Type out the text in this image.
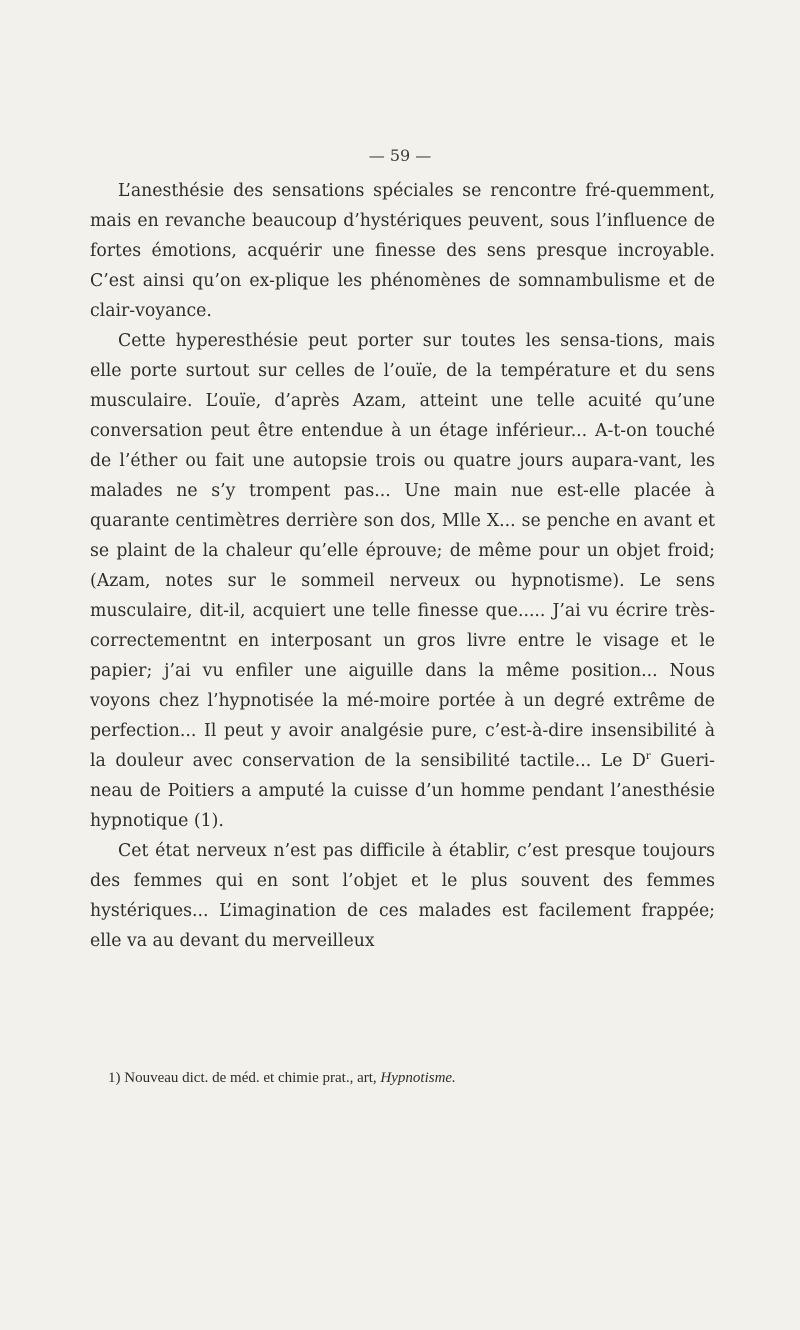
— 59 —

L’anesthésie des sensations spéciales se rencontre fré-quemment, mais en revanche beaucoup d’hystériques peuvent, sous l’influence de fortes émotions, acquérir une finesse des sens presque incroyable. C’est ainsi qu’on ex-plique les phénomènes de somnambulisme et de clair-voyance.

Cette hyperesthésie peut porter sur toutes les sensa-tions, mais elle porte surtout sur celles de l’ouïe, de la température et du sens musculaire. L’ouïe, d’après Azam, atteint une telle acuité qu’une conversation peut être entendue à un étage inférieur... A-t-on touché de l’éther ou fait une autopsie trois ou quatre jours aupara-vant, les malades ne s’y trompent pas... Une main nue est-elle placée à quarante centimètres derrière son dos, Mlle X... se penche en avant et se plaint de la chaleur qu’elle éprouve; de même pour un objet froid; (Azam, notes sur le sommeil nerveux ou hypnotisme). Le sens musculaire, dit-il, acquiert une telle finesse que..... J’ai vu écrire très-correctementnt en interposant un gros livre entre le visage et le papier; j’ai vu enfiler une aiguille dans la même position... Nous voyons chez l’hypnotisée la mé-moire portée à un degré extrême de perfection... Il peut y avoir analgésie pure, c’est-à-dire insensibilité à la douleur avec conservation de la sensibilité tactile... Le $D^r$ Gueri-neau de Poitiers a amputé la cuisse d’un homme pendant l’anesthésie hypnotique (1).

Cet état nerveux n’est pas difficile à établir, c’est presque toujours des femmes qui en sont l’objet et le plus souvent des femmes hystériques... L’imagination de ces malades est facilement frappée; elle va au devant du merveilleux

1) Nouveau dict. de méd. et chimie prat., art, Hypnotisme.
